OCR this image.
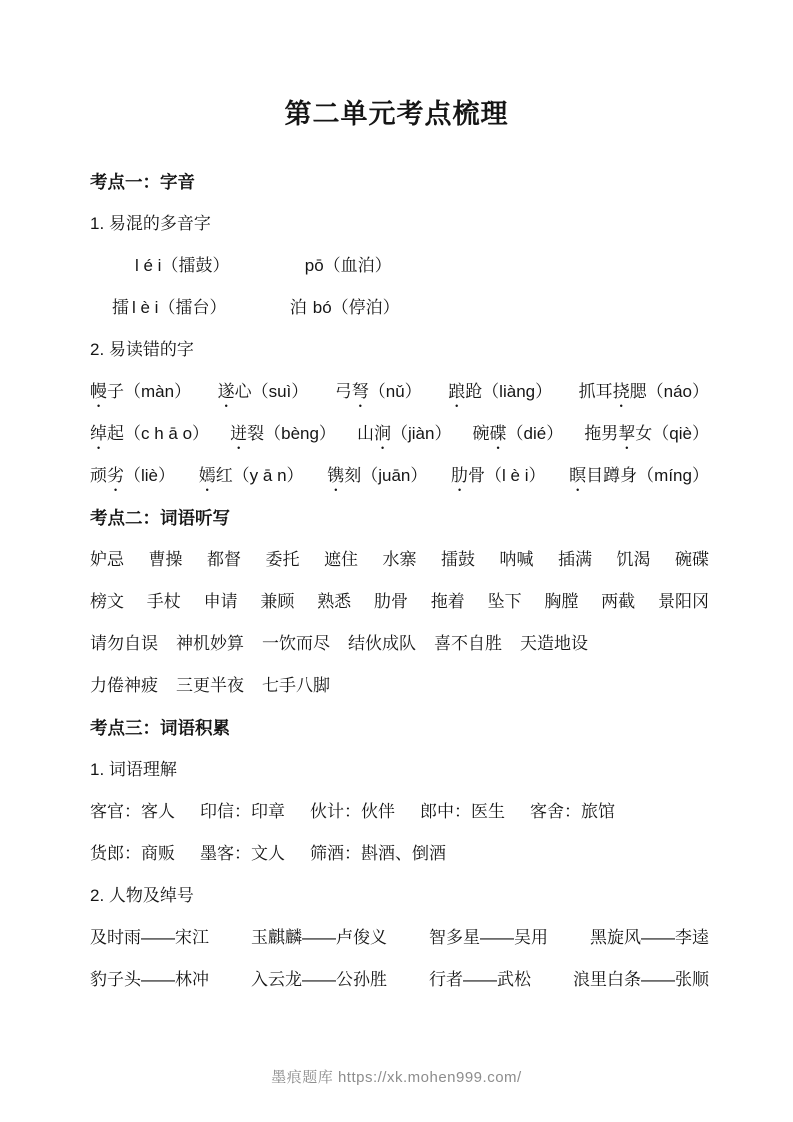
第二单元考点梳理
考点一：字音
1. 易混的多音字
l é i（擂鼓）	pō（血泊）
擂 l è i（擂台）	泊 bó（停泊）
2. 易读错的字
幔子（màn） 遂心（suì） 弓弩（nǔ） 踉跄（liàng） 抓耳挠腮（náo）
绰起（c h ā o） 迸裂（bèng） 山涧（jiàn） 碗碟（dié） 拖男挈女（qiè）
顽劣（liè） 嫣红（y ā n） 镌刻（juān） 肋骨（l è i） 瞑目蹲身（míng）
考点二：词语听写
妒忌 曹操 都督 委托 遮住 水寨 擂鼓 呐喊 插满 饥渴 碗碟
榜文 手杖 申请 兼顾 熟悉 肋骨 拖着 坠下 胸膛 两截 景阳冈
请勿自误 神机妙算 一饮而尽 结伙成队 喜不自胜 天造地设
力倦神疲 三更半夜 七手八脚
考点三：词语积累
1. 词语理解
客官：客人 印信：印章 伙计：伙伴 郎中：医生 客舍：旅馆
货郎：商贩 墨客：文人 筛酒：斟酒、倒酒
2. 人物及绰号
及时雨——宋江 玉麒麟——卢俊义 智多星——吴用 黑旋风——李逵
豹子头——林冲 入云龙——公孙胜 行者——武松 浪里白条——张顺
墨痕题库 https://xk.mohen999.com/
